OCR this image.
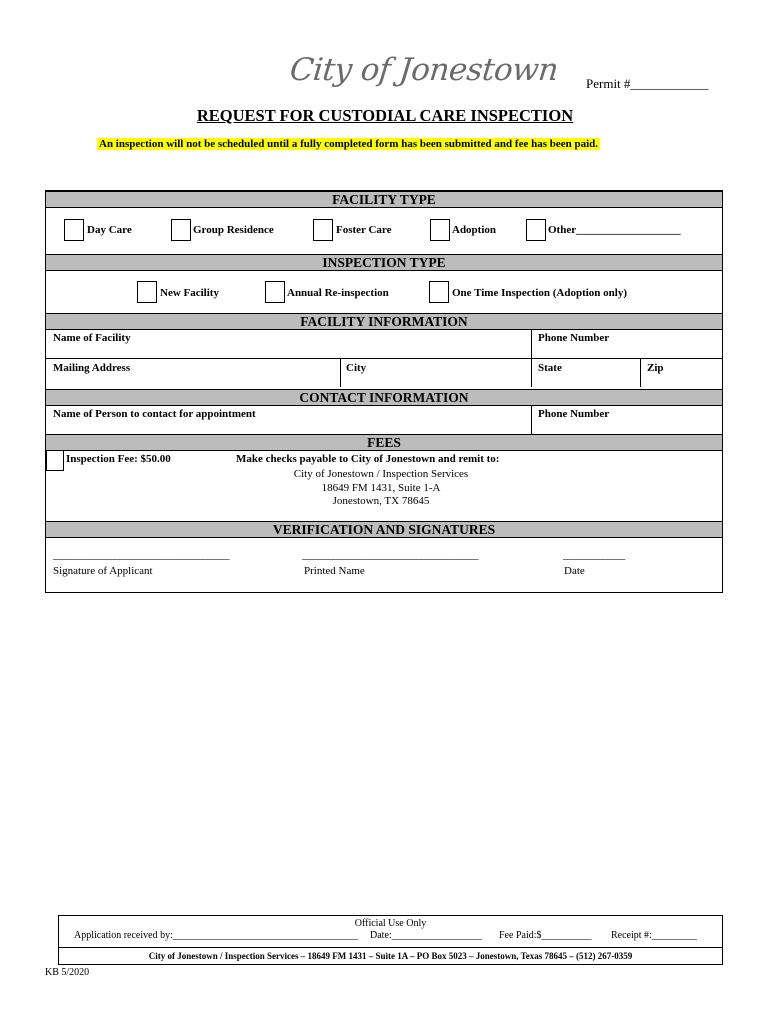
City of Jonestown Permit #____________
REQUEST FOR CUSTODIAL CARE INSPECTION
An inspection will not be scheduled until a fully completed form has been submitted and fee has been paid.
FACILITY TYPE
Day Care	Group Residence	Foster Care	Adoption	Other___________________
INSPECTION TYPE
New Facility	Annual Re-inspection	One Time Inspection (Adoption only)
FACILITY INFORMATION
Name of Facility	Phone Number
Mailing Address	City	State	Zip
CONTACT INFORMATION
Name of Person to contact for appointment	Phone Number
FEES
Inspection Fee: $50.00	Make checks payable to City of Jonestown and remit to:
City of Jonestown / Inspection Services
18649 FM 1431, Suite 1-A
Jonestown, TX 78645
VERIFICATION AND SIGNATURES
________________________________________	________________________________________	______________
Signature of Applicant	Printed Name	Date
Official Use Only
Application received by:_____________________________________ Date:__________________ Fee Paid:$__________ Receipt #:_________
City of Jonestown / Inspection Services – 18649 FM 1431 – Suite 1A – PO Box 5023 – Jonestown, Texas 78645 – (512) 267-0359
KB 5/2020
